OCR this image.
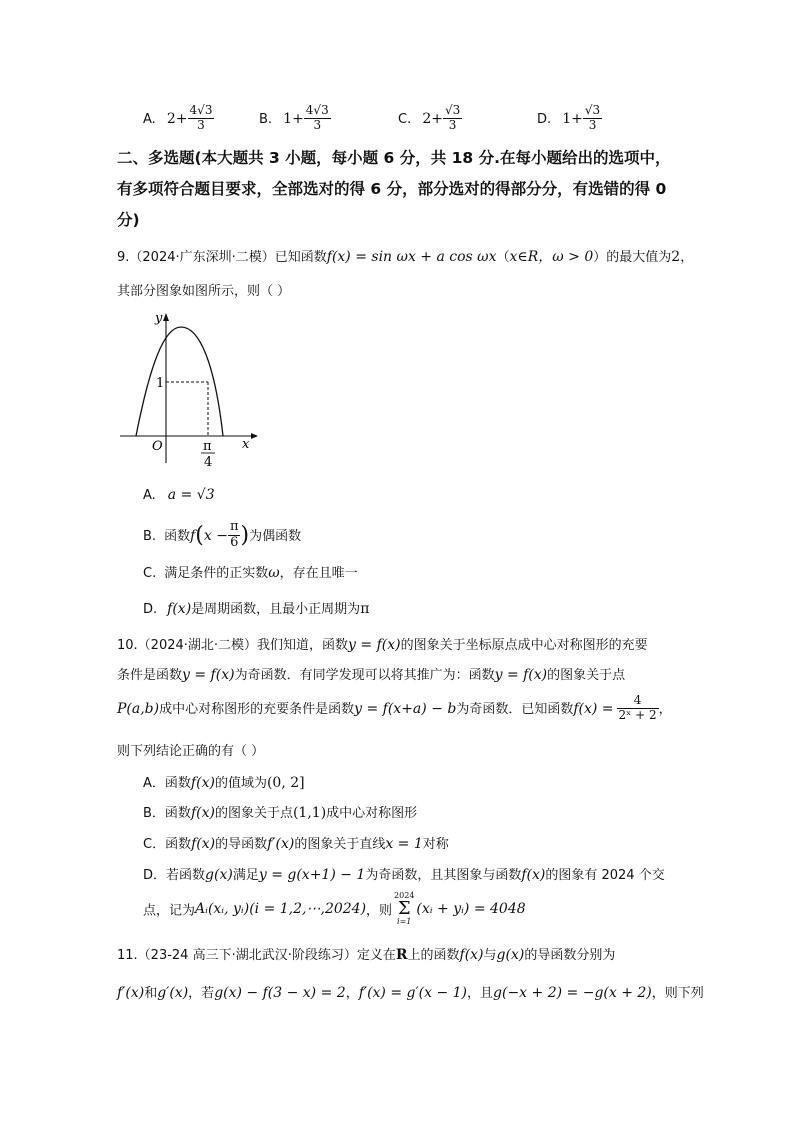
A. $2+ \frac{4√3}{3}$	B. $1+ \frac{4√3}{3}$	C. $2+ \frac{√3}{3}$	D. $1+ \frac{√3}{3}$
二、多选题(本大题共 3 小题，每小题 6 分，共 18 分.在每小题给出的选项中，
有多项符合题目要求，全部选对的得 6 分，部分选对的得部分分，有选错的得 0
分)
9.（2024·广东深圳·二模）已知函数f(x) = sin ωx + a cos ωx（x∈R，ω > 0）的最大值为2，
其部分图象如图所示，则（ ）
y
x
O
1
π
4
A. a = √3
B. 函数$f(x - \frac{\pi}{6}$ )为偶函数
C. 满足条件的正实数ω，存在且唯一
D. f(x)是周期函数，且最小正周期为π
10.（2024·湖北·二模）我们知道，函数y = f(x)的图象关于坐标原点成中心对称图形的充要
条件是函数y = f(x)为奇函数．有同学发现可以将其推广为：函数y = f(x)的图象关于点
P(a,b)成中心对称图形的充要条件是函数y = f(x+a) − b为奇函数．已知函数$f(x) = \frac{4}{\text{2ˣ + 2}}$ ，
则下列结论正确的有（ ）
A．函数f(x)的值域为(0, 2]
B．函数f(x)的图象关于点(1,1)成中心对称图形
C．函数f(x)的导函数f′(x)的图象关于直线x = 1对称
D．若函数g(x)满足y = g(x+1) − 1为奇函数，且其图象与函数f(x)的图象有 2024 个交
点，记为Aᵢ(xᵢ, yᵢ)(i = 1,2,⋯,2024)，则
2024
Σ
i=1
(xᵢ + yᵢ) = 4048
11.（23-24 高三下·湖北武汉·阶段练习）定义在R上的函数f(x)与g(x)的导函数分别为
f′(x)和g′(x)，若g(x) − f(3 − x) = 2，f′(x) = g′(x − 1)，且g(−x + 2) = −g(x + 2)，则下列
